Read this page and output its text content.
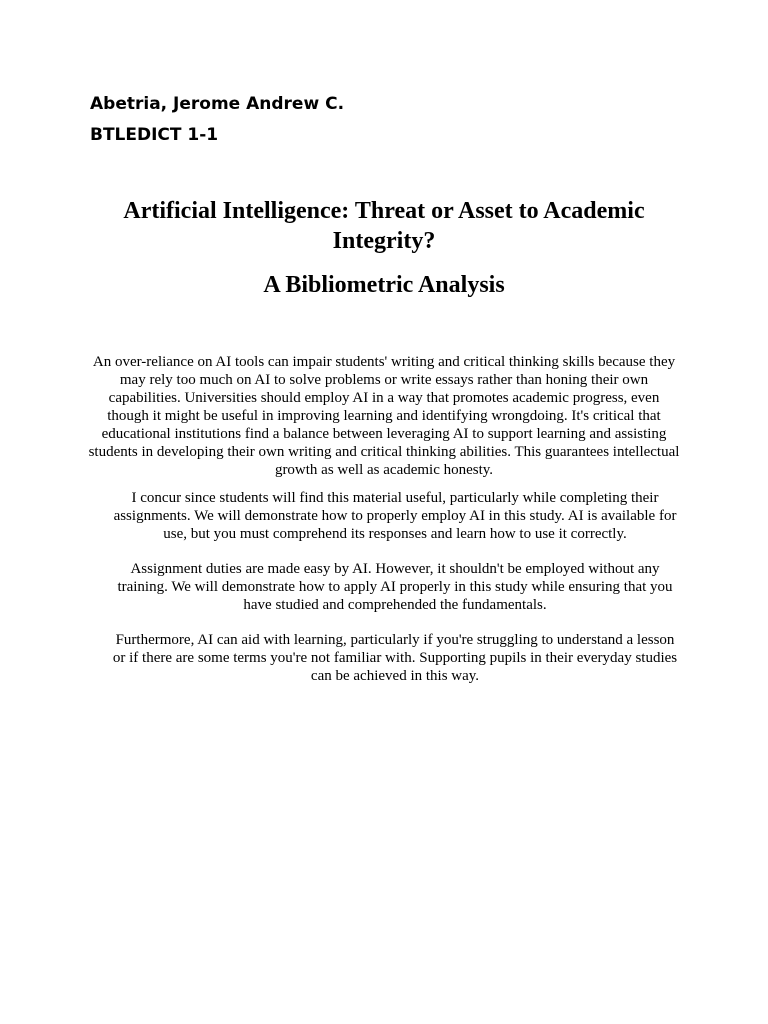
Abetria, Jerome Andrew C.
BTLEDICT 1-1
Artificial Intelligence: Threat or Asset to Academic Integrity?
A Bibliometric Analysis

An over-reliance on AI tools can impair students' writing and critical thinking skills because they may rely too much on AI to solve problems or write essays rather than honing their own capabilities. Universities should employ AI in a way that promotes academic progress, even though it might be useful in improving learning and identifying wrongdoing. It's critical that educational institutions find a balance between leveraging AI to support learning and assisting students in developing their own writing and critical thinking abilities. This guarantees intellectual growth as well as academic honesty.

I concur since students will find this material useful, particularly while completing their assignments. We will demonstrate how to properly employ AI in this study. AI is available for use, but you must comprehend its responses and learn how to use it correctly.

Assignment duties are made easy by AI. However, it shouldn't be employed without any training. We will demonstrate how to apply AI properly in this study while ensuring that you have studied and comprehended the fundamentals.

Furthermore, AI can aid with learning, particularly if you're struggling to understand a lesson or if there are some terms you're not familiar with. Supporting pupils in their everyday studies can be achieved in this way.
